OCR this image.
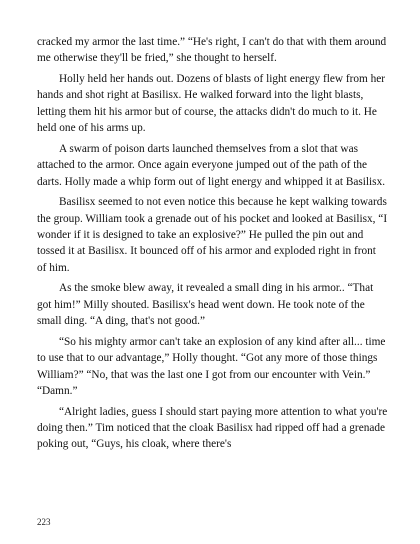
cracked my armor the last time.” “He's right, I can't do that with them around me otherwise they'll be fried,” she thought to herself.

Holly held her hands out. Dozens of blasts of light energy flew from her hands and shot right at Basilisx. He walked forward into the light blasts, letting them hit his armor but of course, the attacks didn't do much to it. He held one of his arms up.

A swarm of poison darts launched themselves from a slot that was attached to the armor. Once again everyone jumped out of the path of the darts. Holly made a whip form out of light energy and whipped it at Basilisx.

Basilisx seemed to not even notice this because he kept walking towards the group. William took a grenade out of his pocket and looked at Basilisx, “I wonder if it is designed to take an explosive?” He pulled the pin out and tossed it at Basilisx. It bounced off of his armor and exploded right in front of him.

As the smoke blew away, it revealed a small ding in his armor.. “That got him!” Milly shouted. Basilisx's head went down. He took note of the small ding. “A ding, that's not good.”

“So his mighty armor can't take an explosion of any kind after all... time to use that to our advantage,” Holly thought. “Got any more of those things William?” “No, that was the last one I got from our encounter with Vein.” “Damn.”

“Alright ladies, guess I should start paying more attention to what you're doing then.” Tim noticed that the cloak Basilisx had ripped off had a grenade poking out, “Guys, his cloak, where there's

223
